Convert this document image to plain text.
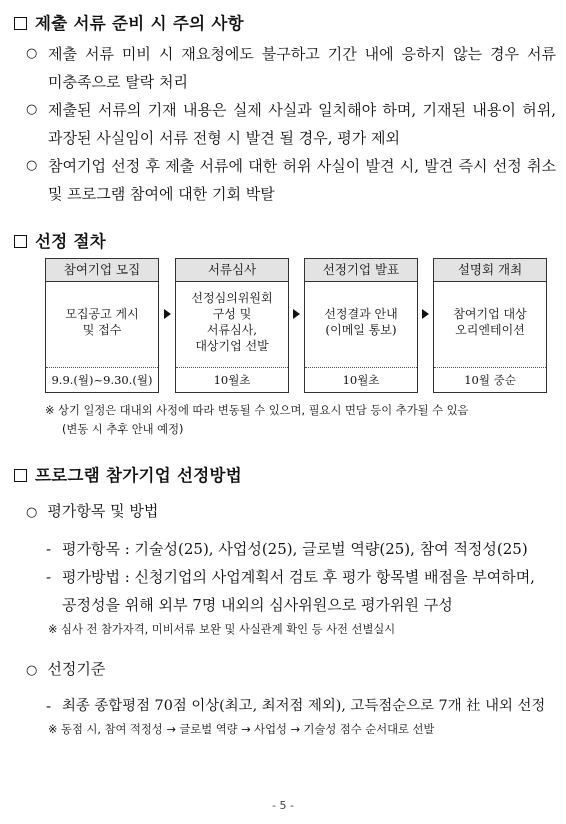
제출 서류 준비 시 주의 사항
○ 제출 서류 미비 시 재요청에도 불구하고 기간 내에 응하지 않는 경우 서류 미충족으로 탈락 처리
○ 제출된 서류의 기재 내용은 실제 사실과 일치해야 하며, 기재된 내용이 허위, 과장된 사실임이 서류 전형 시 발견 될 경우, 평가 제외
○ 참여기업 선정 후 제출 서류에 대한 허위 사실이 발견 시, 발견 즉시 선정 취소 및 프로그램 참여에 대한 기회 박탈
선정 절차
참여기업 모집
모집공고 게시
및 접수
9.9.(월)~9.30.(월)
서류심사
선정심의위원회
구성 및
서류심사,
대상기업 선발
10월초
선정기업 발표
선정결과 안내
(이메일 통보)
10월초
설명회 개최
참여기업 대상
오리엔테이션
10월 중순
※ 상기 일정은 대내외 사정에 따라 변동될 수 있으며, 필요시 면담 등이 추가될 수 있음
(변동 시 추후 안내 예정)
프로그램 참가기업 선정방법
○ 평가항목 및 방법
- 평가항목 : 기술성(25), 사업성(25), 글로벌 역량(25), 참여 적정성(25)
- 평가방법 : 신청기업의 사업계획서 검토 후 평가 항목별 배점을 부여하며,
공정성을 위해 외부 7명 내외의 심사위원으로 평가위원 구성
※ 심사 전 참가자격, 미비서류 보완 및 사실관계 확인 등 사전 선별실시
○ 선정기준
- 최종 종합평점 70점 이상(최고, 최저점 제외), 고득점순으로 7개 社 내외 선정
※ 동점 시, 참여 적정성 → 글로벌 역량 → 사업성 → 기술성 점수 순서대로 선발
- 5 -
